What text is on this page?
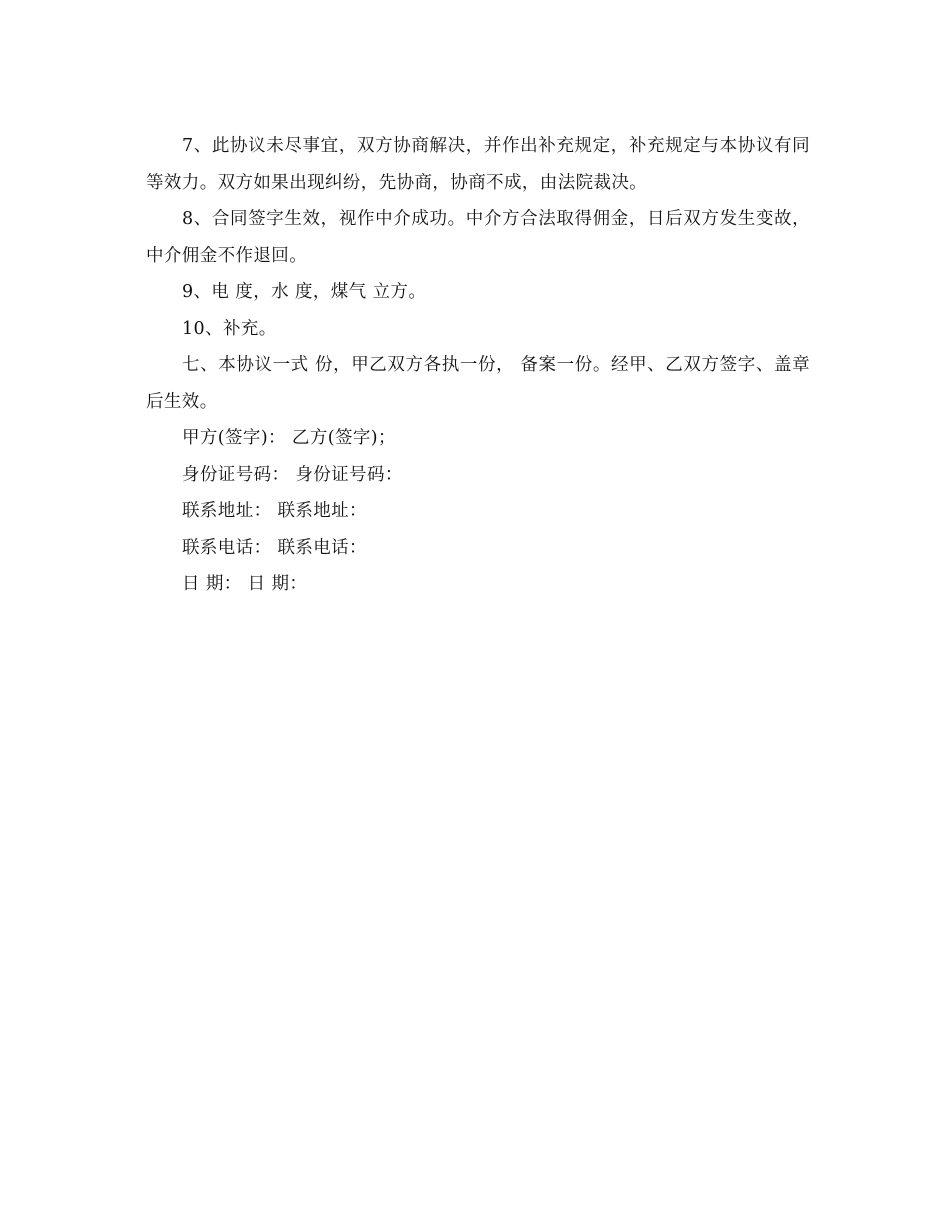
7、此协议未尽事宜，双方协商解决，并作出补充规定，补充规定与本协议有同等效力。双方如果出现纠纷，先协商，协商不成，由法院裁决。

8、合同签字生效，视作中介成功。中介方合法取得佣金，日后双方发生变故，中介佣金不作退回。

9、电 度，水 度，煤气 立方。

10、补充。

七、本协议一式 份，甲乙双方各执一份， 备案一份。经甲、乙双方签字、盖章后生效。

甲方(签字)： 乙方(签字)；

身份证号码： 身份证号码：

联系地址： 联系地址：

联系电话： 联系电话：

日 期： 日 期：
